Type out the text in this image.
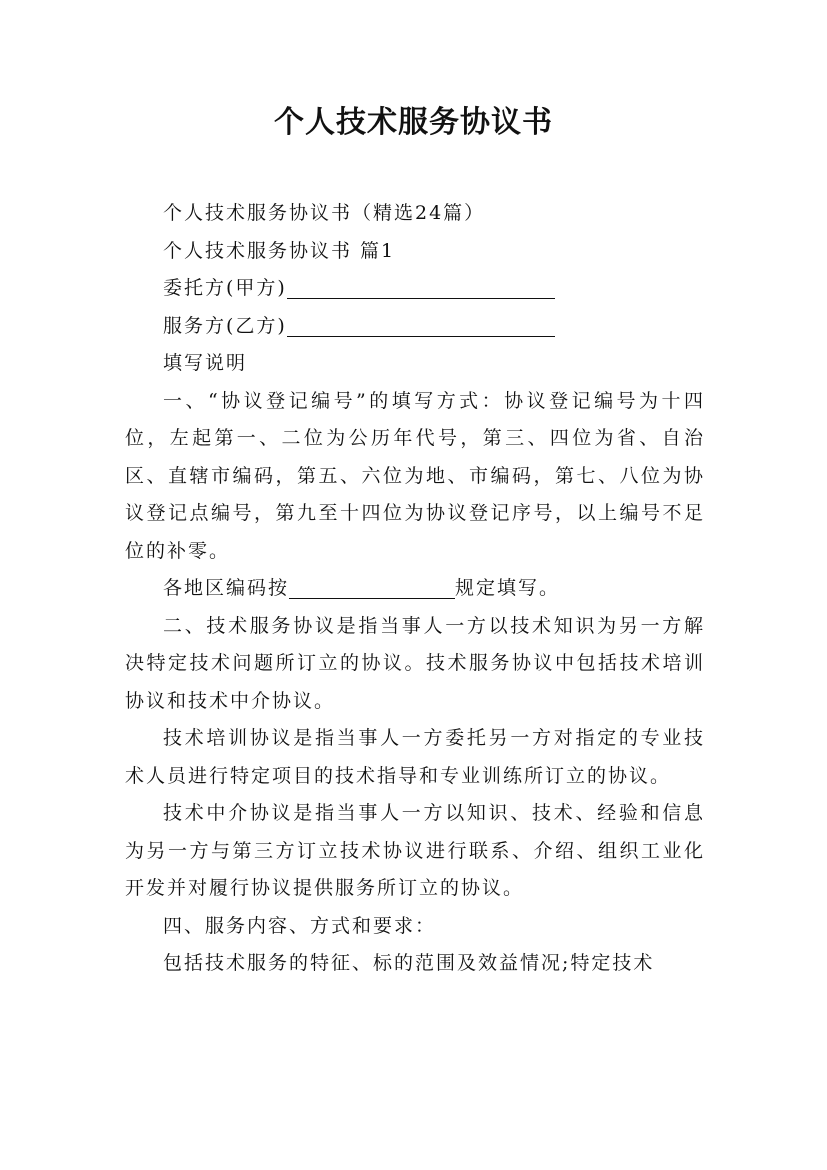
个人技术服务协议书

个人技术服务协议书（精选24篇）

个人技术服务协议书 篇1

委托方(甲方)

服务方(乙方)

填写说明

一、“协议登记编号”的填写方式：协议登记编号为十四位，左起第一、二位为公历年代号，第三、四位为省、自治区、直辖市编码，第五、六位为地、市编码，第七、八位为协议登记点编号，第九至十四位为协议登记序号，以上编号不足位的补零。

各地区编码按	规定填写。

二、技术服务协议是指当事人一方以技术知识为另一方解决特定技术问题所订立的协议。技术服务协议中包括技术培训协议和技术中介协议。

技术培训协议是指当事人一方委托另一方对指定的专业技术人员进行特定项目的技术指导和专业训练所订立的协议。

技术中介协议是指当事人一方以知识、技术、经验和信息为另一方与第三方订立技术协议进行联系、介绍、组织工业化开发并对履行协议提供服务所订立的协议。

四、服务内容、方式和要求：

包括技术服务的特征、标的范围及效益情况;特定技术
